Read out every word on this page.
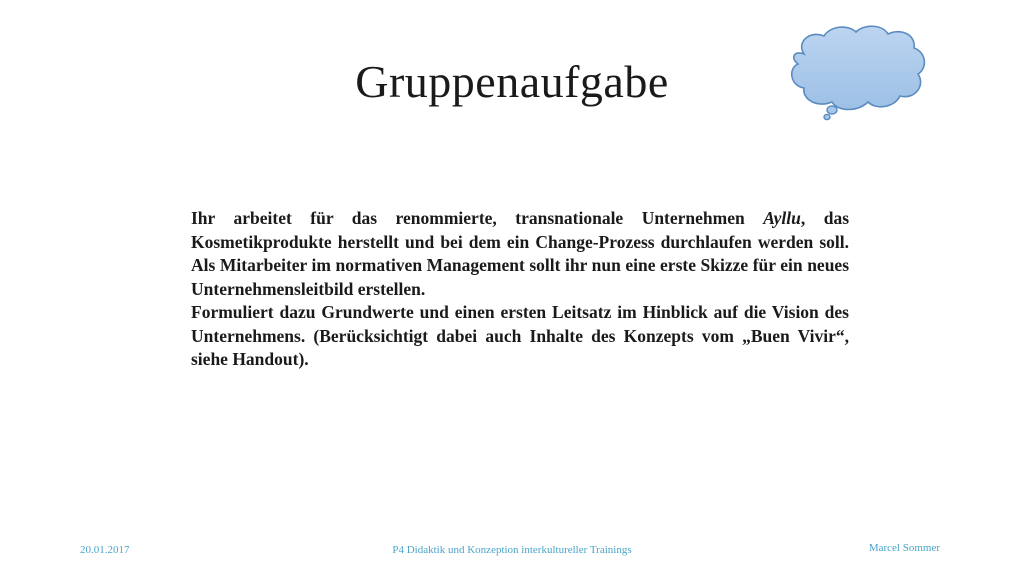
Gruppenaufgabe

Ihr arbeitet für das renommierte, transnationale Unternehmen Ayllu, das Kosmetikprodukte herstellt und bei dem ein Change-Prozess durchlaufen werden soll. Als Mitarbeiter im normativen Management sollt ihr nun eine erste Skizze für ein neues Unternehmensleitbild erstellen.

Formuliert dazu Grundwerte und einen ersten Leitsatz im Hinblick auf die Vision des Unternehmens. (Berücksichtigt dabei auch Inhalte des Konzepts vom „Buen Vivir“, siehe Handout).

20.01.2017	P4 Didaktik und Konzeption interkultureller Trainings	Marcel Sommer
